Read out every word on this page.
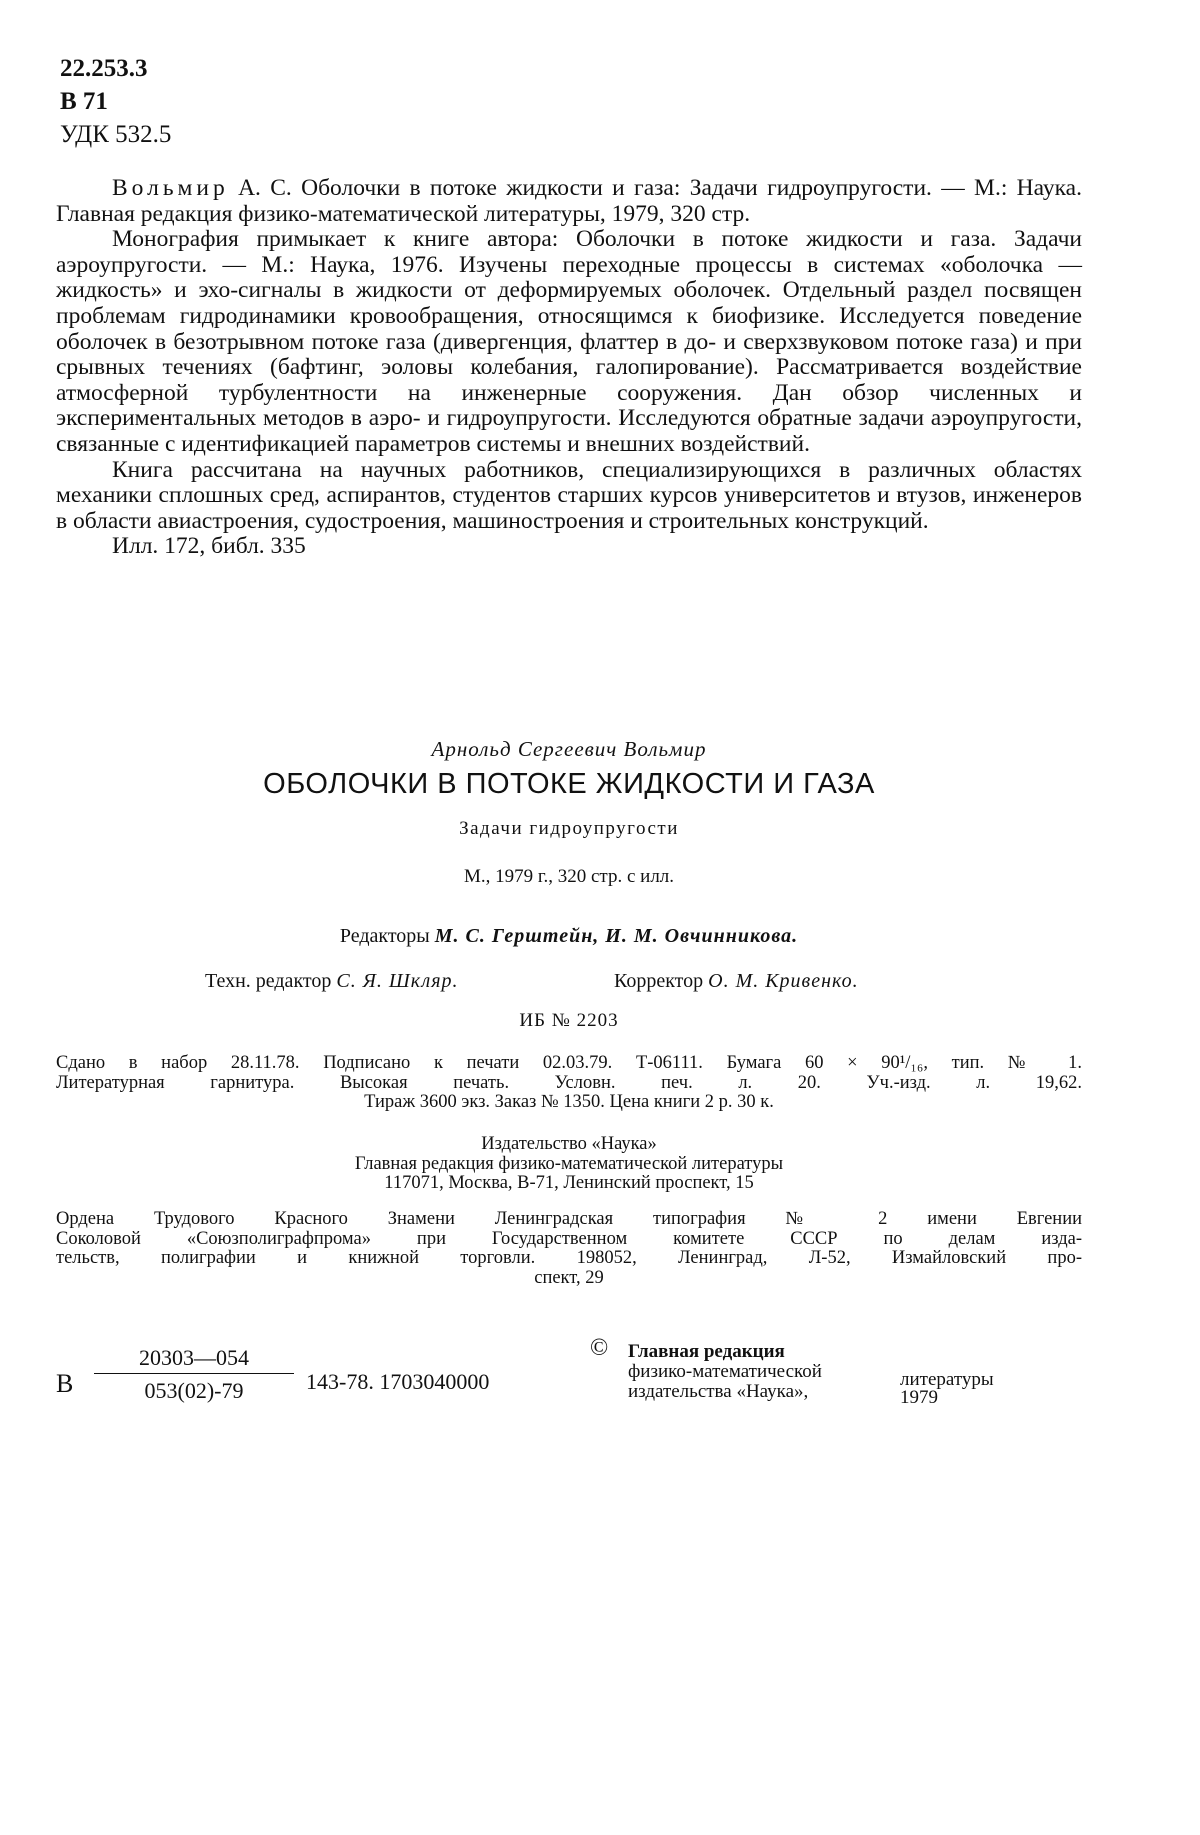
22.253.3
В 71
УДК 532.5

Вольмир А. С. Оболочки в потоке жидкости и газа: Задачи гидроупругости. — М.: Наука. Главная редакция физико-математической литературы, 1979, 320 стр.

Монография примыкает к книге автора: Оболочки в потоке жидкости и газа. Задачи аэроупругости. — М.: Наука, 1976. Изучены переходные процессы в системах «оболочка — жидкость» и эхо-сигналы в жидкости от деформируемых оболочек. Отдельный раздел посвящен проблемам гидродинамики кровообращения, относящимся к биофизике. Исследуется поведение оболочек в безотрывном потоке газа (дивергенция, флаттер в до- и сверхзвуковом потоке газа) и при срывных течениях (бафтинг, эоловы колебания, галопирование). Рассматривается воздействие атмосферной турбулентности на инженерные сооружения. Дан обзор численных и экспериментальных методов в аэро- и гидроупругости. Исследуются обратные задачи аэроупругости, связанные с идентификацией параметров системы и внешних воздействий.

Книга рассчитана на научных работников, специализирующихся в различных областях механики сплошных сред, аспирантов, студентов старших курсов университетов и втузов, инженеров в области авиастроения, судостроения, машиностроения и строительных конструкций.

Илл. 172, библ. 335

Арнольд Сергеевич Вольмир
ОБОЛОЧКИ В ПОТОКЕ ЖИДКОСТИ И ГАЗА
Задачи гидроупругости
М., 1979 г., 320 стр. с илл.
Редакторы М. С. Герштейн, И. М. Овчинникова.
Техн. редактор С. Я. Шкляр.	Корректор О. М. Кривенко.
ИБ № 2203
Сдано в набор 28.11.78. Подписано к печати 02.03.79. Т-06111. Бумага 60 × 90¹/₁₆, тип. № 1.
Литературная гарнитура. Высокая печать. Условн. печ. л. 20. Уч.-изд. л. 19,62.
Тираж 3600 экз. Заказ № 1350. Цена книги 2 р. 30 к.
Издательство «Наука»
Главная редакция физико-математической литературы
117071, Москва, В-71, Ленинский проспект, 15
Ордена Трудового Красного Знамени Ленинградская типография № 2 имени Евгении
Соколовой «Союзполиграфпрома» при Государственном комитете СССР по делам изда-
тельств, полиграфии и книжной торговли. 198052, Ленинград, Л-52, Измайловский про-
спект, 29
В $\frac{20303—054}{053(02)-79} 143-78$. 1703040000
© Главная редакция
физико-математической
издательства «Наука»,
литературы
1979
